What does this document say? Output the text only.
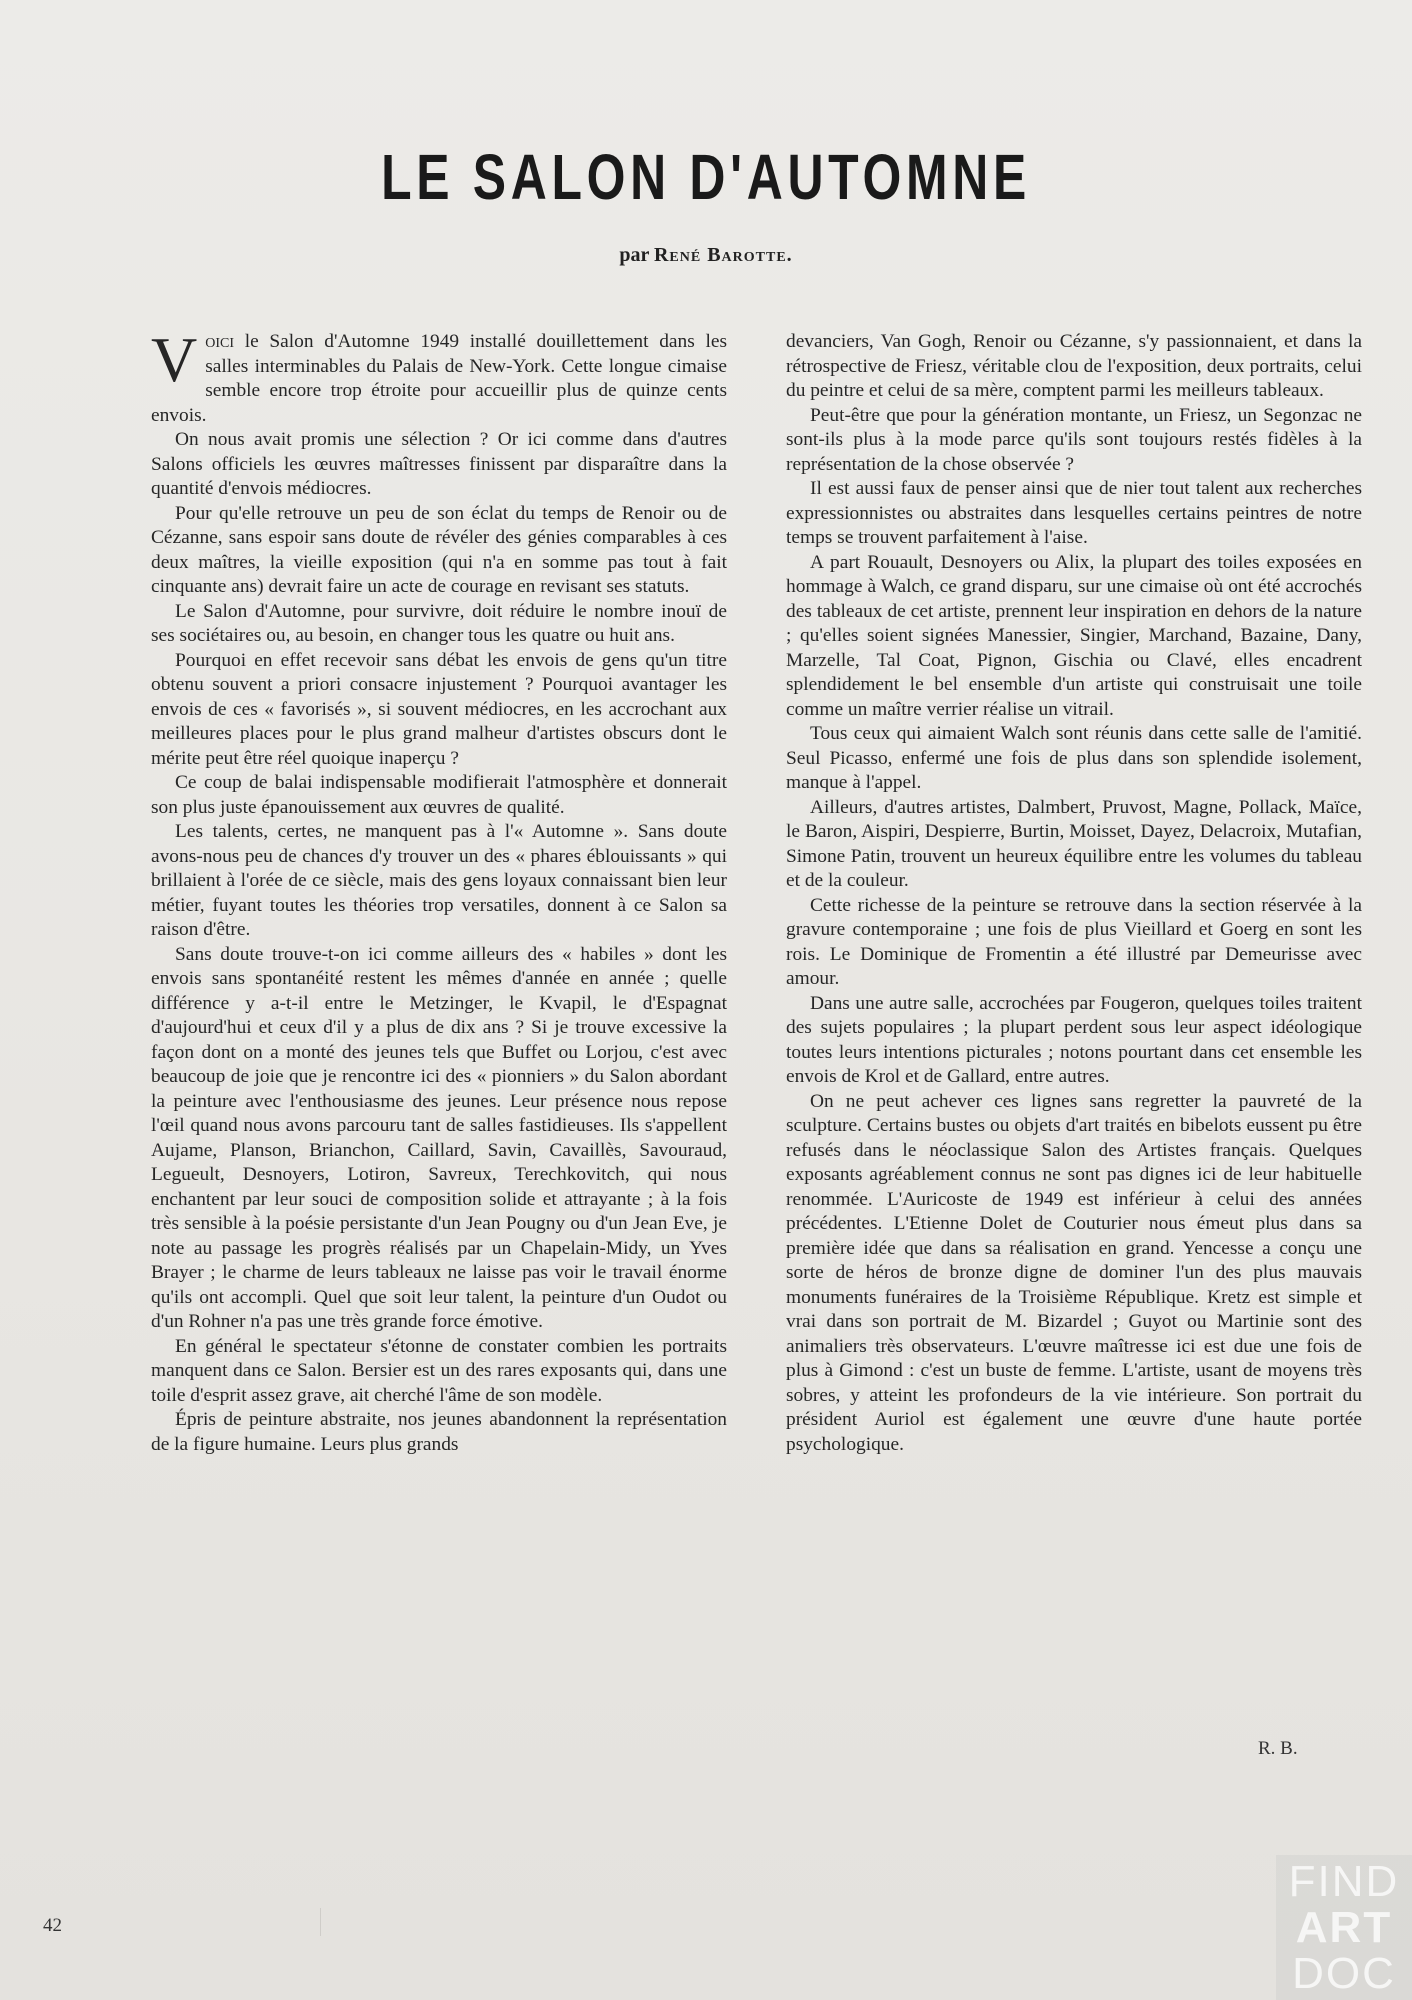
LE SALON D'AUTOMNE
par René Barotte.

Voici le Salon d'Automne 1949 installé douillettement dans les salles interminables du Palais de New-York. Cette longue cimaise semble encore trop étroite pour accueillir plus de quinze cents envois.

On nous avait promis une sélection ? Or ici comme dans d'autres Salons officiels les œuvres maîtresses finissent par disparaître dans la quantité d'envois médiocres.

Pour qu'elle retrouve un peu de son éclat du temps de Renoir ou de Cézanne, sans espoir sans doute de révéler des génies comparables à ces deux maîtres, la vieille exposition (qui n'a en somme pas tout à fait cinquante ans) devrait faire un acte de courage en revisant ses statuts.

Le Salon d'Automne, pour survivre, doit réduire le nombre inouï de ses sociétaires ou, au besoin, en changer tous les quatre ou huit ans.

Pourquoi en effet recevoir sans débat les envois de gens qu'un titre obtenu souvent a priori consacre injustement ? Pourquoi avantager les envois de ces « favorisés », si souvent médiocres, en les accrochant aux meilleures places pour le plus grand malheur d'artistes obscurs dont le mérite peut être réel quoique inaperçu ?

Ce coup de balai indispensable modifierait l'atmosphère et donnerait son plus juste épanouissement aux œuvres de qualité.

Les talents, certes, ne manquent pas à l'« Automne ». Sans doute avons-nous peu de chances d'y trouver un des « phares éblouissants » qui brillaient à l'orée de ce siècle, mais des gens loyaux connaissant bien leur métier, fuyant toutes les théories trop versatiles, donnent à ce Salon sa raison d'être.

Sans doute trouve-t-on ici comme ailleurs des « habiles » dont les envois sans spontanéité restent les mêmes d'année en année ; quelle différence y a-t-il entre le Metzinger, le Kvapil, le d'Espagnat d'aujourd'hui et ceux d'il y a plus de dix ans ? Si je trouve excessive la façon dont on a monté des jeunes tels que Buffet ou Lorjou, c'est avec beaucoup de joie que je rencontre ici des « pionniers » du Salon abordant la peinture avec l'enthousiasme des jeunes. Leur présence nous repose l'œil quand nous avons parcouru tant de salles fastidieuses. Ils s'appellent Aujame, Planson, Brianchon, Caillard, Savin, Cavaillès, Savouraud, Legueult, Desnoyers, Lotiron, Savreux, Terechkovitch, qui nous enchantent par leur souci de composition solide et attrayante ; à la fois très sensible à la poésie persistante d'un Jean Pougny ou d'un Jean Eve, je note au passage les progrès réalisés par un Chapelain-Midy, un Yves Brayer ; le charme de leurs tableaux ne laisse pas voir le travail énorme qu'ils ont accompli. Quel que soit leur talent, la peinture d'un Oudot ou d'un Rohner n'a pas une très grande force émotive.

En général le spectateur s'étonne de constater combien les portraits manquent dans ce Salon. Bersier est un des rares exposants qui, dans une toile d'esprit assez grave, ait cherché l'âme de son modèle.

Épris de peinture abstraite, nos jeunes abandonnent la représentation de la figure humaine. Leurs plus grands

devanciers, Van Gogh, Renoir ou Cézanne, s'y passionnaient, et dans la rétrospective de Friesz, véritable clou de l'exposition, deux portraits, celui du peintre et celui de sa mère, comptent parmi les meilleurs tableaux.

Peut-être que pour la génération montante, un Friesz, un Segonzac ne sont-ils plus à la mode parce qu'ils sont toujours restés fidèles à la représentation de la chose observée ?

Il est aussi faux de penser ainsi que de nier tout talent aux recherches expressionnistes ou abstraites dans lesquelles certains peintres de notre temps se trouvent parfaitement à l'aise.

A part Rouault, Desnoyers ou Alix, la plupart des toiles exposées en hommage à Walch, ce grand disparu, sur une cimaise où ont été accrochés des tableaux de cet artiste, prennent leur inspiration en dehors de la nature ; qu'elles soient signées Manessier, Singier, Marchand, Bazaine, Dany, Marzelle, Tal Coat, Pignon, Gischia ou Clavé, elles encadrent splendidement le bel ensemble d'un artiste qui construisait une toile comme un maître verrier réalise un vitrail.

Tous ceux qui aimaient Walch sont réunis dans cette salle de l'amitié. Seul Picasso, enfermé une fois de plus dans son splendide isolement, manque à l'appel.

Ailleurs, d'autres artistes, Dalmbert, Pruvost, Magne, Pollack, Maïce, le Baron, Aispiri, Despierre, Burtin, Moisset, Dayez, Delacroix, Mutafian, Simone Patin, trouvent un heureux équilibre entre les volumes du tableau et de la couleur.

Cette richesse de la peinture se retrouve dans la section réservée à la gravure contemporaine ; une fois de plus Vieillard et Goerg en sont les rois. Le Dominique de Fromentin a été illustré par Demeurisse avec amour.

Dans une autre salle, accrochées par Fougeron, quelques toiles traitent des sujets populaires ; la plupart perdent sous leur aspect idéologique toutes leurs intentions picturales ; notons pourtant dans cet ensemble les envois de Krol et de Gallard, entre autres.

On ne peut achever ces lignes sans regretter la pauvreté de la sculpture. Certains bustes ou objets d'art traités en bibelots eussent pu être refusés dans le néoclassique Salon des Artistes français. Quelques exposants agréablement connus ne sont pas dignes ici de leur habituelle renommée. L'Auricoste de 1949 est inférieur à celui des années précédentes. L'Etienne Dolet de Couturier nous émeut plus dans sa première idée que dans sa réalisation en grand. Yencesse a conçu une sorte de héros de bronze digne de dominer l'un des plus mauvais monuments funéraires de la Troisième République. Kretz est simple et vrai dans son portrait de M. Bizardel ; Guyot ou Martinie sont des animaliers très observateurs. L'œuvre maîtresse ici est due une fois de plus à Gimond : c'est un buste de femme. L'artiste, usant de moyens très sobres, y atteint les profondeurs de la vie intérieure. Son portrait du président Auriol est également une œuvre d'une haute portée psychologique.

R. B.
42
FIND
ART
DOC
